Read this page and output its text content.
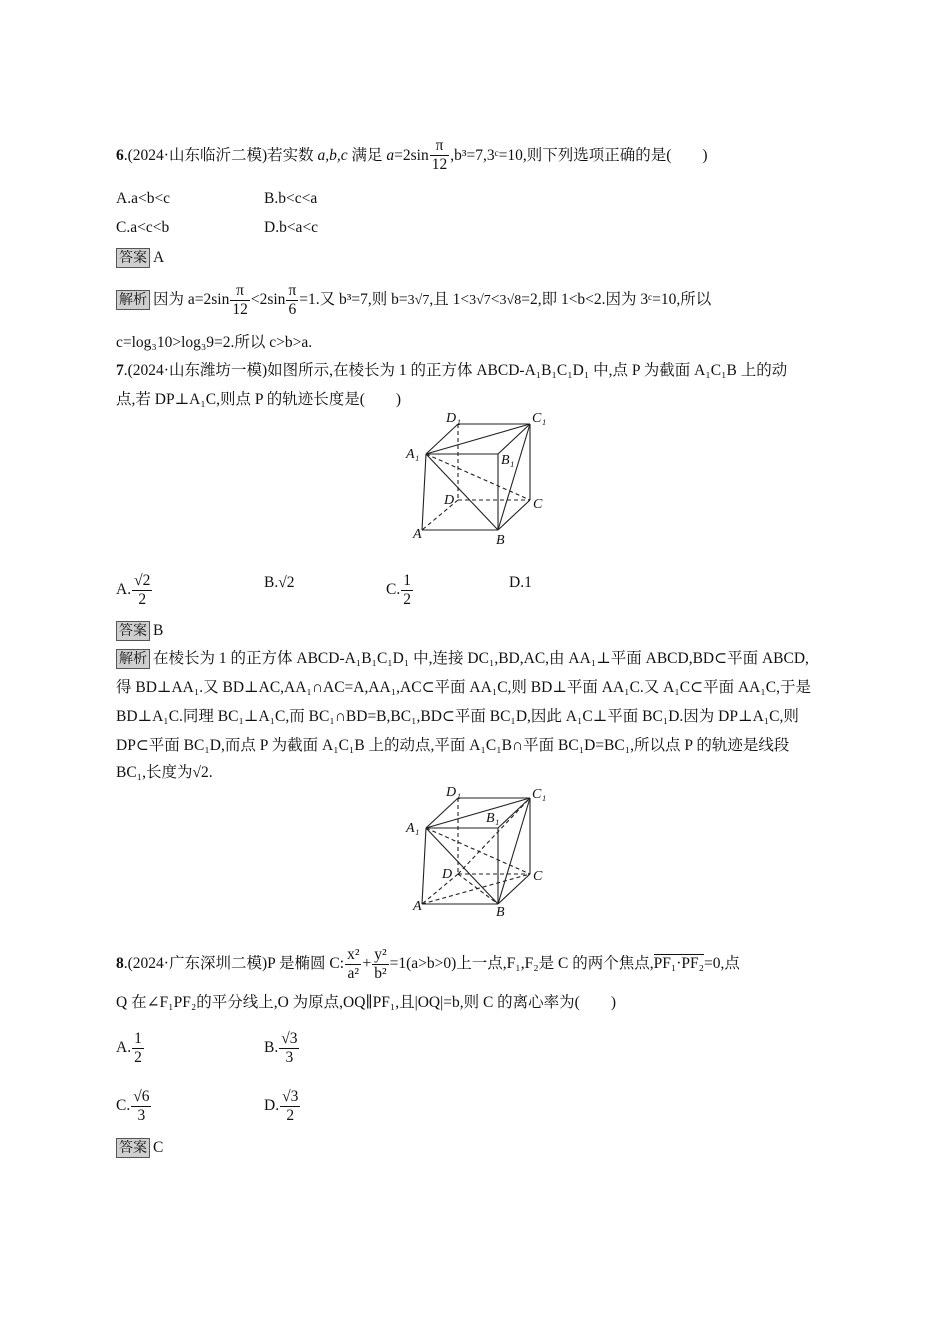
6.(2024·山东临沂二模)若实数 a,b,c 满足 $a=2\sin \frac{\pi}{12}$ ,b³=7,3ᶜ=10,则下列选项正确的是(　　)
A.a<b<c	B.b<c<a
C.a<c<b	D.b<a<c
答案 A
解析 因为 $a=2\sin \frac{\pi}{12} <2\sin \frac{\pi}{6} =1$.又 b³=7,则 b=3√7,且 1<3√7<3√8=2,即 1<b<2.因为 3ᶜ=10,所以
c=log₃10>log₃9=2.所以 c>b>a.
7.(2024·山东潍坊一模)如图所示,在棱长为 1 的正方体 ABCD-A₁B₁C₁D₁ 中,点 P 为截面 A₁C₁B 上的动
点,若 DP⊥A₁C,则点 P 的轨迹长度是(　　)
D₁	C₁
A₁	B₁
D	C
A	B
A. $\frac{√2}{2}$	B.√2	C. $\frac{1}{2}$	D.1
答案 B
解析 在棱长为 1 的正方体 ABCD-A₁B₁C₁D₁ 中,连接 DC₁,BD,AC,由 AA₁⊥平面 ABCD,BD⊂平面 ABCD,
得 BD⊥AA₁.又 BD⊥AC,AA₁∩AC=A,AA₁,AC⊂平面 AA₁C,则 BD⊥平面 AA₁C.又 A₁C⊂平面 AA₁C,于是
BD⊥A₁C.同理 BC₁⊥A₁C,而 BC₁∩BD=B,BC₁,BD⊂平面 BC₁D,因此 A₁C⊥平面 BC₁D.因为 DP⊥A₁C,则
DP⊂平面 BC₁D,而点 P 为截面 A₁C₁B 上的动点,平面 A₁C₁B∩平面 BC₁D=BC₁,所以点 P 的轨迹是线段
BC₁,长度为√2.
D₁	C₁
A₁
B₁
D	C
A	B
8.(2024·广东深圳二模)P 是椭圆 C: $\frac{\text{x²}}{\text{a²}} + \frac{\text{y²}}{\text{b²}} =1(a>b>0)$上一点,F₁,F₂是 C 的两个焦点,PF₁·PF₂=0,点
Q 在∠F₁PF₂的平分线上,O 为原点,OQ∥PF₁,且|OQ|=b,则 C 的离心率为(　　)
A. $\frac{1}{2}$	B. $\frac{√3}{3}$
C. $\frac{√6}{3}$	D. $\frac{√3}{2}$
答案 C
